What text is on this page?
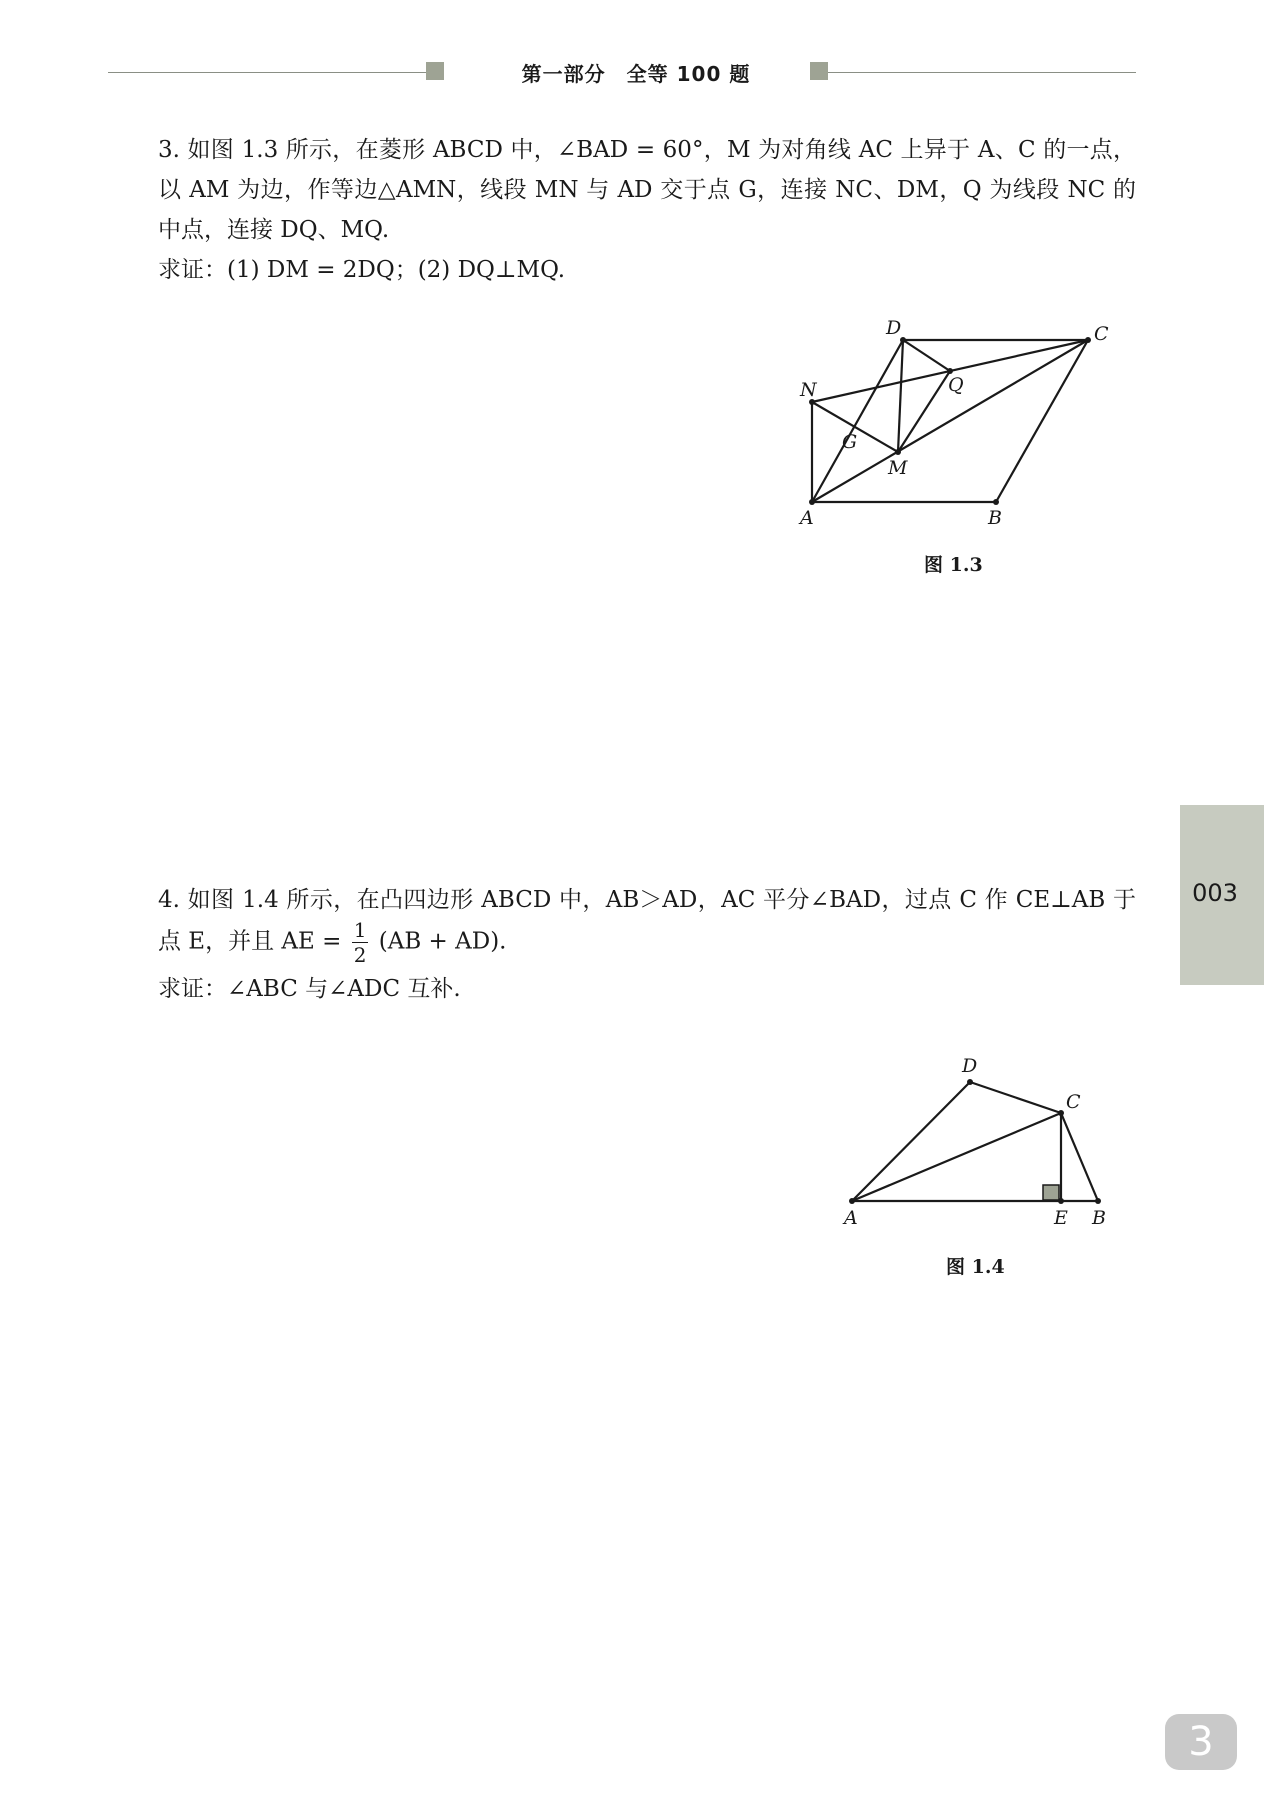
第一部分　全等 100 题
3. 如图 1.3 所示，在菱形 ABCD 中，∠BAD = 60°，M 为对角线 AC 上异于 A、C 的一点，以 AM 为边，作等边△AMN，线段 MN 与 AD 交于点 G，连接 NC、DM，Q 为线段 NC 的中点，连接 DQ、MQ.
求证：(1) DM = 2DQ；(2) DQ⊥MQ.
A	B
C
D
N
G
M
Q
图 1.3
4. 如图 1.4 所示，在凸四边形 ABCD 中，AB＞AD，AC 平分∠BAD，过点 C 作 CE⊥AB 于点 E，并且 AE = $\frac{1}{2} (AB + AD)$.
求证：∠ABC 与∠ADC 互补.
A	B
C
D
E
图 1.4
003
3
